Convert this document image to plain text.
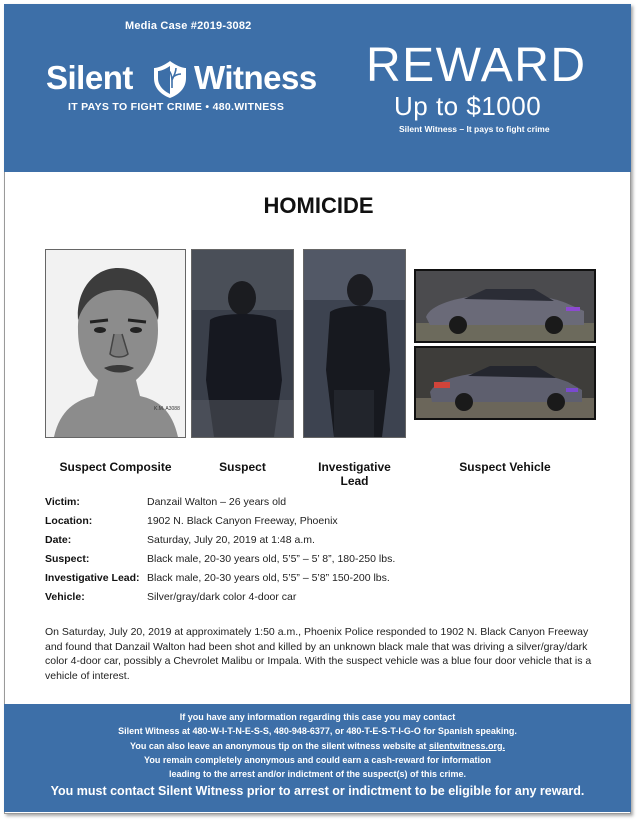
Media Case #2019-3082
Silent Witness
IT PAYS TO FIGHT CRIME • 480.WITNESS
REWARD
Up to $1000
Silent Witness – It pays to fight crime
HOMICIDE
K.M. A3088
Suspect Composite	Suspect	Investigative Lead
Suspect Vehicle
Victim:	Danzail Walton – 26 years old
Location:	1902 N. Black Canyon Freeway, Phoenix
Date:	Saturday, July 20, 2019 at 1:48 a.m.
Suspect:	Black male, 20-30 years old, 5’5” – 5’ 8”, 180-250 lbs.
Investigative Lead: Black male, 20-30 years old, 5’5” – 5’8” 150-200 lbs.
Vehicle:	Silver/gray/dark color 4-door car
On Saturday, July 20, 2019 at approximately 1:50 a.m., Phoenix Police responded to 1902 N. Black Canyon Freeway and found that Danzail Walton had been shot and killed by an unknown black male that was driving a silver/gray/dark color 4-door car, possibly a Chevrolet Malibu or Impala. With the suspect vehicle was a blue four door vehicle that is a vehicle of interest.
If you have any information regarding this case you may contact
Silent Witness at 480-W-I-T-N-E-S-S, 480-948-6377, or 480-T-E-S-T-I-G-O for Spanish speaking.
You can also leave an anonymous tip on the silent witness website at silentwitness.org.
You remain completely anonymous and could earn a cash-reward for information
leading to the arrest and/or indictment of the suspect(s) of this crime.
You must contact Silent Witness prior to arrest or indictment to be eligible for any reward.
